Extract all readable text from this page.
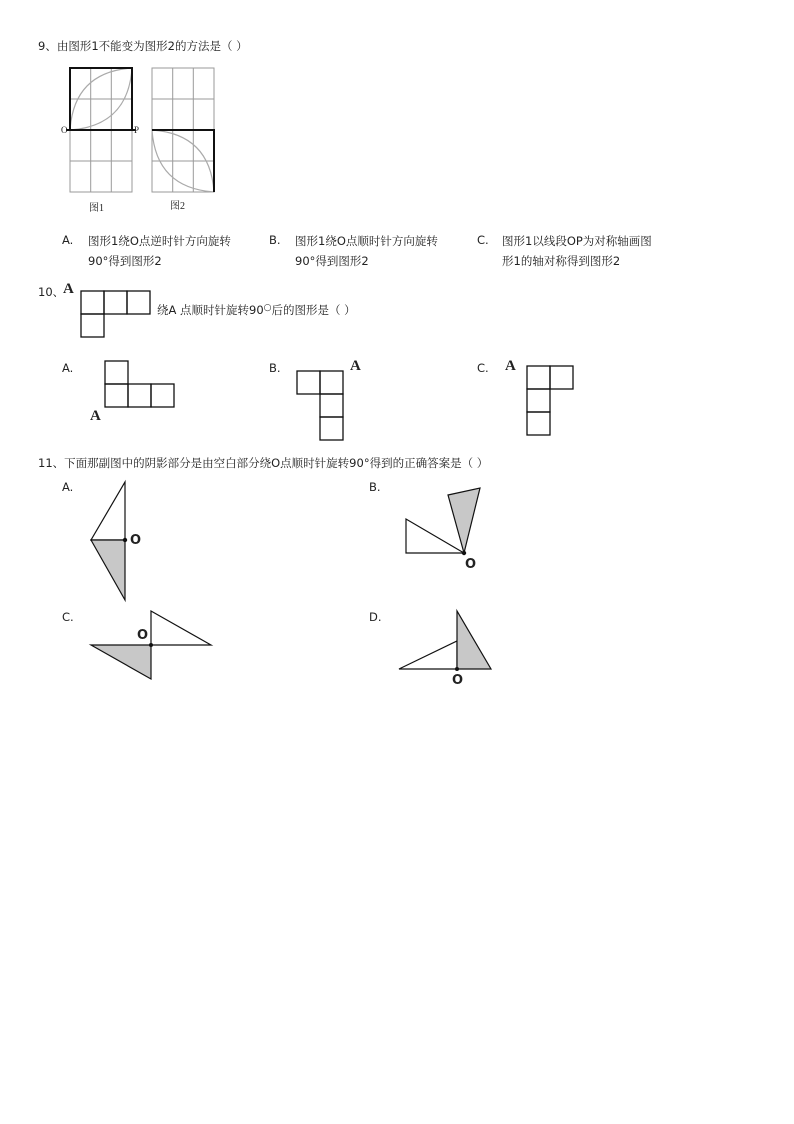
9、由图形1不能变为图形2的方法是（ ）
O	P
图1	图2
A. 图形1绕O点逆时针方向旋转
90°得到图形2
B. 图形1绕O点顺时针方向旋转
90°得到图形2
C. 图形1以线段OP为对称轴画图
形1的轴对称得到图形2
10、
A
绕A 点顺时针旋转90○后的图形是（ ）
A.
A
B.	A	C. A
11、下面那副图中的阴影部分是由空白部分绕O点顺时针旋转90°得到的正确答案是（ ）
A.
O
B.
O
C.
O
D.
O
